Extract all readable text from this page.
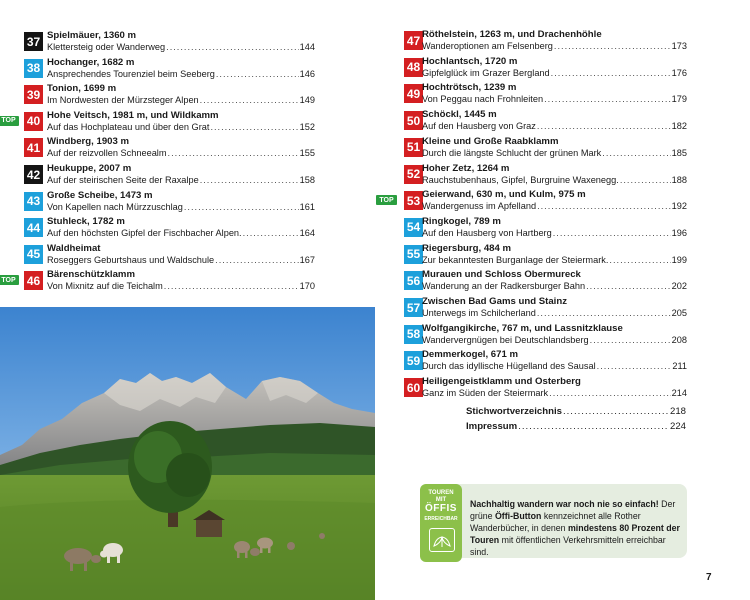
37 Spielmäuer, 1360 m
Klettersteig oder Wanderweg .....	144
38 Hochanger, 1682 m
Ansprechendes Tourenziel beim Seeberg .....	146
39 Tonion, 1699 m
Im Nordwesten der Mürzsteger Alpen .....	149
TOP 40 Hohe Veitsch, 1981 m, und Wildkamm
Auf das Hochplateau und über den Grat .....	152
41 Windberg, 1903 m
Auf der reizvollen Schneealm .....	155
42 Heukuppe, 2007 m
Auf der steirischen Seite der Raxalpe .....	158
43 Große Scheibe, 1473 m
Von Kapellen nach Mürzzuschlag .....	161
44 Stuhleck, 1782 m
Auf den höchsten Gipfel der Fischbacher Alpen. .....	164
45 Waldheimat
Roseggers Geburtshaus und Waldschule .....	167
TOP 46 Bärenschützklamm
Von Mixnitz auf die Teichalm .....	170
47 Röthelstein, 1263 m, und Drachenhöhle
Wanderoptionen am Felsenberg .....	173
48 Hochlantsch, 1720 m
Gipfelglück im Grazer Bergland .....	176
49 Hochtrötsch, 1239 m
Von Peggau nach Frohnleiten .....	179
50 Schöckl, 1445 m
Auf den Hausberg von Graz .....	182
51 Kleine und Große Raabklamm
Durch die längste Schlucht der grünen Mark .....	185
52 Hoher Zetz, 1264 m
Rauchstubenhaus, Gipfel, Burgruine Waxenegg. .....	188
TOP 53 Geierwand, 630 m, und Kulm, 975 m
Wandergenuss im Apfelland .....	192
54 Ringkogel, 789 m
Auf den Hausberg von Hartberg .....	196
55 Riegersburg, 484 m
Zur bekanntesten Burganlage der Steiermark. .....	199
56 Murauen und Schloss Obermureck
Wanderung an der Radkersburger Bahn .....	202
57 Zwischen Bad Gams und Stainz
Unterwegs im Schilcherland .....	205
58 Wolfgangikirche, 767 m, und Lassnitzklause
Wandervergnügen bei Deutschlandsberg .....	208
59 Demmerkogel, 671 m
Durch das idyllische Hügelland des Sausal .....	211
60 Heiligengeistklamm und Osterberg
Ganz im Süden der Steiermark .....	214
Stichwortverzeichnis .....	218
Impressum .....	224
TOUREN
MIT
ÖFFIS
ERREICHBAR
Nachhaltig wandern war noch nie so einfach! Der grüne Öffi-Button kennzeichnet alle Rother Wanderbücher, in denen mindestens 80 Prozent der Touren mit öffentlichen Verkehrsmitteln erreichbar sind.
7
